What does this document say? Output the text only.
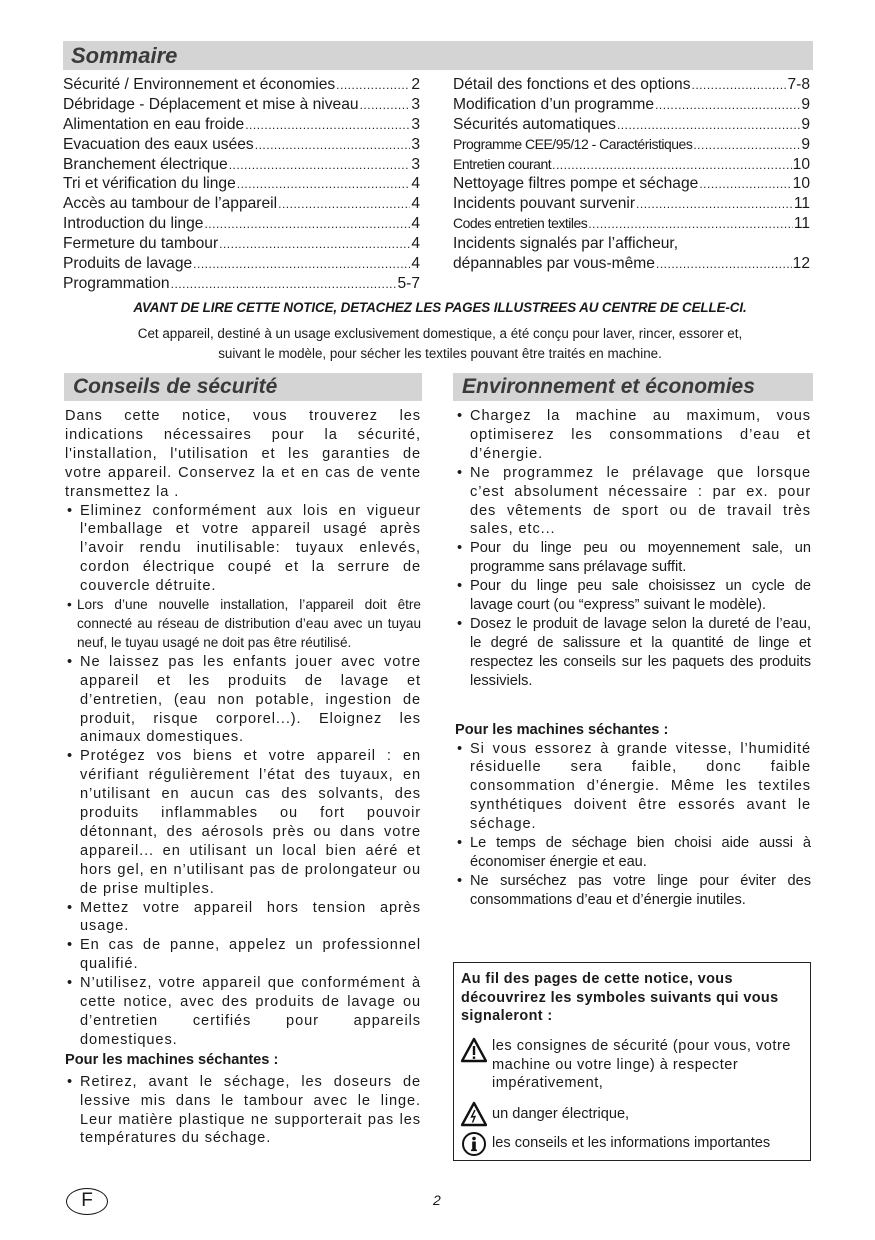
Sommaire
Sécurité / Environnement et économies .....	2
Débridage - Déplacement et mise à niveau .....	3
Alimentation en eau froide .....	3
Evacuation des eaux usées .....	3
Branchement électrique .....	3
Tri et vérification du linge .....	4
Accès au tambour de l’appareil .....	4
Introduction du linge .....	4
Fermeture du tambour .....	4
Produits de lavage .....	4
Programmation .....	5-7
Détail des fonctions et des options .....	7-8
Modification d’un programme .....	9
Sécurités automatiques .....	9
Programme CEE/95/12 - Caractéristiques .....	9
Entretien courant .....	10
Nettoyage filtres pompe et séchage .....	10
Incidents pouvant survenir .....	11
Codes entretien textiles .....	11
Incidents signalés par l’afficheur,
dépannables par vous-même .....	12
AVANT DE LIRE CETTE NOTICE, DETACHEZ LES PAGES ILLUSTREES AU CENTRE DE CELLE-CI.
Cet appareil, destiné à un usage exclusivement domestique, a été conçu pour laver, rincer, essorer et,
suivant le modèle, pour sécher les textiles pouvant être traités en machine.
Conseils de sécurité	Environnement et économies

Dans cette notice, vous trouverez les indications nécessaires pour la sécurité, l'installation, l'utilisation et les garanties de votre appareil. Conservez la et en cas de vente transmettez la .

• Eliminez conformément aux lois en vigueur l'emballage et votre appareil usagé après l’avoir rendu inutilisable: tuyaux enlevés, cordon électrique coupé et la serrure de couvercle détruite.
• Lors d’une nouvelle installation, l’appareil doit être connecté au réseau de distribution d’eau avec un tuyau neuf, le tuyau usagé ne doit pas être réutilisé.
• Ne laissez pas les enfants jouer avec votre appareil et les produits de lavage et d’entretien, (eau non potable, ingestion de produit, risque corporel...). Eloignez les animaux domestiques.
• Protégez vos biens et votre appareil : en vérifiant régulièrement l’état des tuyaux, en n’utilisant en aucun cas des solvants, des produits inflammables ou fort pouvoir détonnant, des aérosols près ou dans votre appareil... en utilisant un local bien aéré et hors gel, en n’utilisant pas de prolongateur ou de prise multiples.
• Mettez votre appareil hors tension après usage.
• En cas de panne, appelez un professionnel qualifié.
• N’utilisez, votre appareil que conformément à cette notice, avec des produits de lavage ou d’entretien certifiés pour appareils domestiques.

Pour les machines séchantes :

• Retirez, avant le séchage, les doseurs de lessive mis dans le tambour avec le linge. Leur matière plastique ne supporterait pas les températures du séchage.
• Chargez la machine au maximum, vous optimiserez les consommations d’eau et d’énergie.
• Ne programmez le prélavage que lorsque c’est absolument nécessaire : par ex. pour des vêtements de sport ou de travail très sales, etc...
• Pour du linge peu ou moyennement sale, un programme sans prélavage suffit.
• Pour du linge peu sale choisissez un cycle de lavage court (ou “express” suivant le modèle).
• Dosez le produit de lavage selon la dureté de l’eau, le degré de salissure et la quantité de linge et respectez les conseils sur les paquets des produits lessiviels.

Pour les machines séchantes :

• Si vous essorez à grande vitesse, l’humidité résiduelle sera faible, donc faible consommation d’énergie. Même les textiles synthétiques doivent être essorés avant le séchage.
• Le temps de séchage bien choisi aide aussi à économiser énergie et eau.
• Ne surséchez pas votre linge pour éviter des consommations d’eau et d’énergie inutiles.
Au fil des pages de cette notice, vous découvrirez les symboles suivants qui vous signaleront :
les consignes de sécurité (pour vous, votre machine ou votre linge) à respecter impérativement,
un danger électrique,
les conseils et les informations importantes
F	2
